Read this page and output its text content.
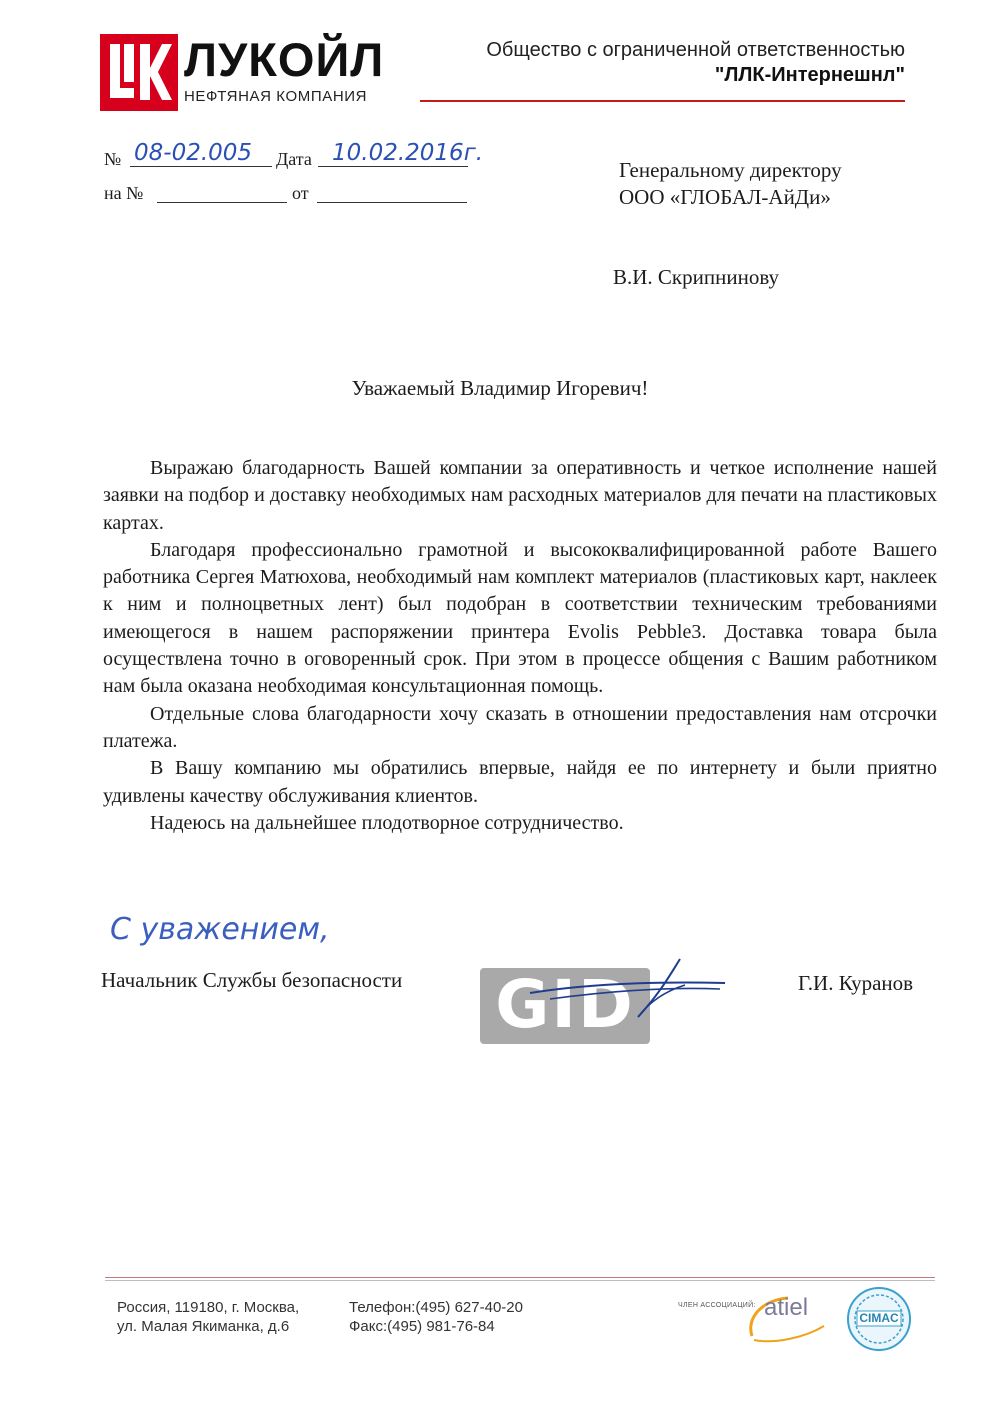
ЛУКОЙЛ
НЕФТЯНАЯ КОМПАНИЯ
Общество с ограниченной ответственностью
"ЛЛК-Интернешнл"
№ 08-02.005 Дата 10.02.2016г.
на №	от
Генеральному директору
ООО «ГЛОБАЛ-АйДи»
В.И. Скрипнинову
Уважаемый Владимир Игоревич!

Выражаю благодарность Вашей компании за оперативность и четкое исполнение нашей заявки на подбор и доставку необходимых нам расходных материалов для печати на пластиковых картах.

Благодаря профессионально грамотной и высококвалифицированной работе Вашего работника Сергея Матюхова, необходимый нам комплект материалов (пластиковых карт, наклеек к ним и полноцветных лент) был подобран в соответствии техническим требованиями имеющегося в нашем распоряжении принтера Evolis Pebble3. Доставка товара была осуществлена точно в оговоренный срок. При этом в процессе общения с Вашим работником нам была оказана необходимая консультационная помощь.

Отдельные слова благодарности хочу сказать в отношении предоставления нам отсрочки платежа.

В Вашу компанию мы обратились впервые, найдя ее по интернету и были приятно удивлены качеству обслуживания клиентов.

Надеюсь на дальнейшее плодотворное сотрудничество.

С уважением,
Начальник Службы безопасности GID	Г.И. Куранов
Россия, 119180, г. Москва,
ул. Малая Якиманка, д.6
Телефон:(495) 627-40-20
Факс:(495) 981-76-84
ЧЛЕН АССОЦИАЦИЙ: atiel	CIMAC
